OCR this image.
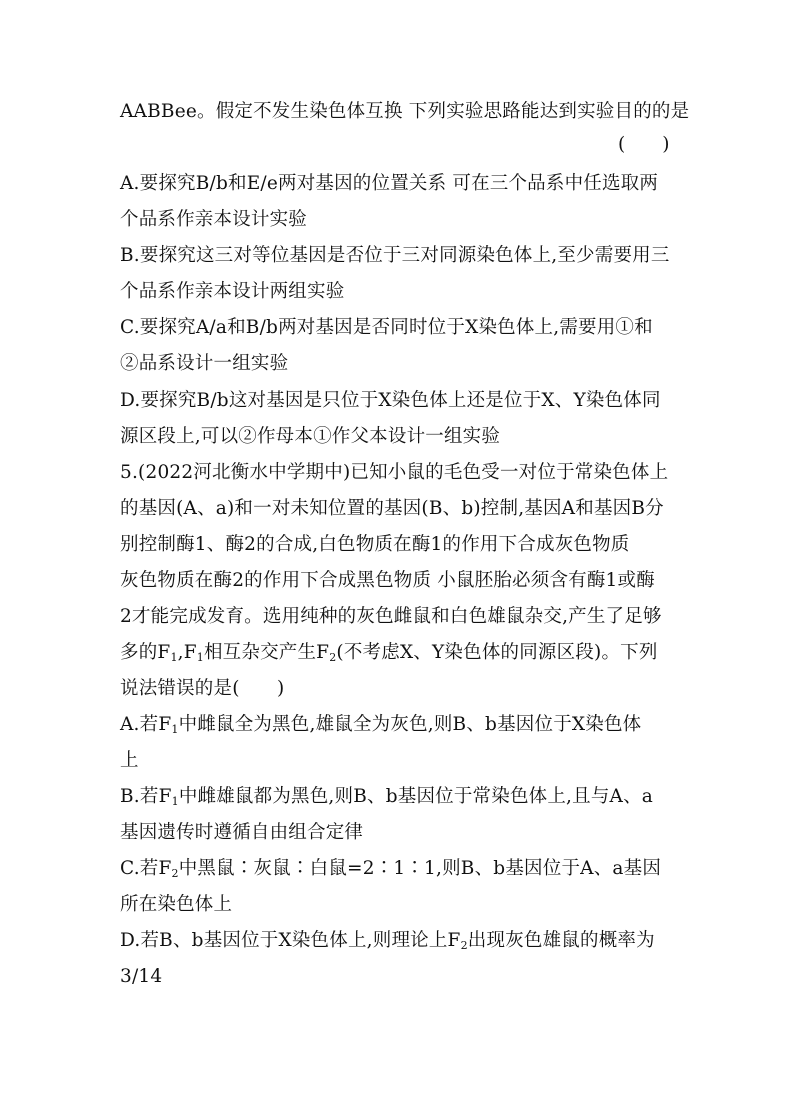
AABBee。假定不发生染色体互换 下列实验思路能达到实验目的的是
(　　)
A.要探究B/b和E/e两对基因的位置关系 可在三个品系中任选取两
个品系作亲本设计实验
B.要探究这三对等位基因是否位于三对同源染色体上,至少需要用三
个品系作亲本设计两组实验
C.要探究A/a和B/b两对基因是否同时位于X染色体上,需要用①和
②品系设计一组实验
D.要探究B/b这对基因是只位于X染色体上还是位于X、Y染色体同
源区段上,可以②作母本①作父本设计一组实验
5.(2022河北衡水中学期中)已知小鼠的毛色受一对位于常染色体上
的基因(A、a)和一对未知位置的基因(B、b)控制,基因A和基因B分
别控制酶1、酶2的合成,白色物质在酶1的作用下合成灰色物质
灰色物质在酶2的作用下合成黑色物质 小鼠胚胎必须含有酶1或酶
2才能完成发育。选用纯种的灰色雌鼠和白色雄鼠杂交,产生了足够
多的$F_1,F_1$相互杂交产生$F_2$(不考虑X、Y染色体的同源区段)。下列
说法错误的是(　　)
A.若$F_1$中雌鼠全为黑色,雄鼠全为灰色,则B、b基因位于X染色体
上
B.若$F_1$中雌雄鼠都为黑色,则B、b基因位于常染色体上,且与A、a
基因遗传时遵循自由组合定律
C.若$F_2$中黑鼠∶灰鼠∶白鼠=2∶1∶1,则B、b基因位于A、a基因
所在染色体上
D.若B、b基因位于X染色体上,则理论上$F_2$出现灰色雄鼠的概率为
3/14
